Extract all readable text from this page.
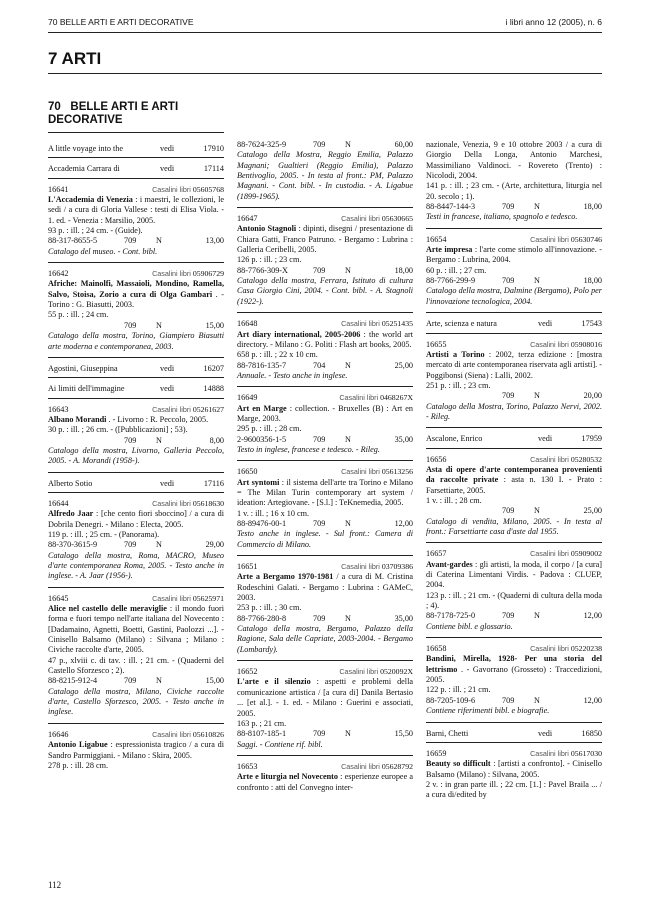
70 BELLE ARTI E ARTI DECORATIVE	i libri anno 12 (2005), n. 6
7 ARTI
70 BELLE ARTI E ARTI DECORATIVE
A little voyage into the	vedi	17910
Accademia Carrara di	vedi	17114
16641	Casalini libri 05605768

L'Accademia di Venezia : i maestri, le collezioni, le sedi / a cura di Gloria Vallese : testi di Elisa Viola. - 1. ed. - Venezia : Marsilio, 2005.

93 p. : ill. ; 24 cm. - (Guide).

88-317-8655-5	709	N	13,00

Catalogo del museo. - Cont. bibl.

16642	Casalini libri 05906729

Afriche: Mainolfi, Massaioli, Mondino, Ramella, Salvo, Stoisa, Zorio a cura di Olga Gambari . - Torino : G. Biasutti, 2003.

55 p. : ill. ; 24 cm.

709	N	15,00

Catalogo della mostra, Torino, Giampiero Biasutti arte moderna e contemporanea, 2003.

Agostini, Giuseppina	vedi	16207
Ai limiti dell'immagine	vedi	14888
16643	Casalini libri 05261627

Albano Morandi . - Livorno : R. Peccolo, 2005.

30 p. : ill. ; 26 cm. - ([Pubblicazioni] ; 53).

709	N	8,00

Catalogo della mostra, Livorno, Galleria Peccolo, 2005. - A. Morandi (1958-).

Alberto Sotio	vedi	17116
16644	Casalini libri 05618630

Alfredo Jaar : [che cento fiori sboccino] / a cura di Dobrila Denegri. - Milano : Electa, 2005.

119 p. : ill. ; 25 cm. - (Panorama).

88-370-3615-9	709	N	29,00

Catalogo della mostra, Roma, MACRO, Museo d'arte contemporanea Roma, 2005. - Testo anche in inglese. - A. Jaar (1956-).

16645	Casalini libri 05625971

Alice nel castello delle meraviglie : il mondo fuori forma e fuori tempo nell'arte italiana del Novecento : [Dadamaino, Agnetti, Boetti, Gastini, Paolozzi ...]. - Cinisello Balsamo (Milano) : Silvana ; Milano : Civiche raccolte d'arte, 2005.

47 p., xlviii c. di tav. : ill. ; 21 cm. - (Quaderni del Castello Sforzesco ; 2).

88-8215-912-4	709	N	15,00

Catalogo della mostra, Milano, Civiche raccolte d'arte, Castello Sforzesco, 2005. - Testo anche in inglese.

16646	Casalini libri 05610826

Antonio Ligabue : espressionista tragico / a cura di Sandro Parmiggiani. - Milano : Skira, 2005.

278 p. : ill. 28 cm.

88-7624-325-9	709	N	60,00

Catalogo della Mostra, Reggio Emilia, Palazzo Magnani; Gualtieri (Reggio Emilia), Palazzo Bentivoglio, 2005. - In testa al front.: PM, Palazzo Magnani. - Cont. bibl. - In custodia. - A. Ligabue (1899-1965).

16647	Casalini libri 05630665

Antonio Stagnoli : dipinti, disegni / presentazione di Chiara Gatti, Franco Patruno. - Bergamo : Lubrina : Galleria Ceribelli, 2005.

126 p. : ill. ; 23 cm.

88-7766-309-X	709	N	18,00

Catalogo della mostra, Ferrara, Istituto di cultura Casa Giorgio Cini, 2004. - Cont. bibl. - A. Stagnoli (1922-).

16648	Casalini libri 05251435

Art diary international, 2005-2006 : the world art directory. - Milano : G. Politi : Flash art books, 2005.

658 p. : ill. ; 22 x 10 cm.

88-7816-135-7	704	N	25,00

Annuale. - Testo anche in inglese.

16649	Casalini libri 0468267X

Art en Marge : collection. - Bruxelles (B) : Art en Marge, 2003.

295 p. : ill. ; 28 cm.

2-9600356-1-5	709	N	35,00

Testo in inglese, francese e tedesco. - Rileg.

16650	Casalini libri 05613256

Art syntomi : il sistema dell'arte tra Torino e Milano = The Milan Turin contemporary art system / ideation: Artegiovane. - [S.l.] : TeKnemedia, 2005.

1 v. : ill. ; 16 x 10 cm.

88-89476-00-1	709	N	12,00

Testo anche in inglese. - Sul front.: Camera di Commercio di Milano.

16651	Casalini libri 03709386

Arte a Bergamo 1970-1981 / a cura di M. Cristina Rodeschini Galati. - Bergamo : Lubrina : GAMeC, 2003.

253 p. : ill. ; 30 cm.

88-7766-280-8	709	N	35,00

Catalogo della mostra, Bergamo, Palazzo della Ragione, Sala delle Capriate, 2003-2004. - Bergamo (Lombardy).

16652	Casalini libri 0520092X

L'arte e il silenzio : aspetti e problemi della comunicazione artistica / [a cura di] Danila Bertasio ... [et al.]. - 1. ed. - Milano : Guerini e associati, 2005.

163 p. ; 21 cm.

88-8107-185-1	709	N	15,50

Saggi. - Contiene rif. bibl.

16653	Casalini libri 05628792

Arte e liturgia nel Novecento : esperienze europee a confronto : atti del Convegno inter-

nazionale, Venezia, 9 e 10 ottobre 2003 / a cura di Giorgio Della Longa, Antonio Marchesi, Massimiliano Valdinoci. - Rovereto (Trento) : Nicolodi, 2004.

141 p. : ill. ; 23 cm. - (Arte, architettura, liturgia nel 20. secolo ; 1).

88-8447-144-3	709	N	18,00

Testi in francese, italiano, spagnolo e tedesco.

16654	Casalini libri 05630746

Arte impresa : l'arte come stimolo all'innovazione. - Bergamo : Lubrina, 2004.

60 p. : ill. ; 27 cm.

88-7766-299-9	709	N	18,00

Catalogo della mostra, Dalmine (Bergamo), Polo per l'innovazione tecnologica, 2004.

Arte, scienza e natura	vedi	17543
16655	Casalini libri 05908016

Artisti a Torino : 2002, terza edizione : [mostra mercato di arte contemporanea riservata agli artisti]. - Poggibonsi (Siena) : Lalli, 2002.

251 p. : ill. ; 23 cm.

709	N	20,00

Catalogo della Mostra, Torino, Palazzo Nervi, 2002. - Rileg.

Ascalone, Enrico	vedi	17959
16656	Casalini libri 05280532

Asta di opere d'arte contemporanea provenienti da raccolte private : asta n. 130 I. - Prato : Farsettiarte, 2005.

1 v. : ill. ; 28 cm.

709	N	25,00

Catalogo di vendita, Milano, 2005. - In testa al front.: Farsettiarte casa d'aste dal 1955.

16657	Casalini libri 05909002

Avant-gardes : gli artisti, la moda, il corpo / [a cura] di Caterina Limentani Virdis. - Padova : CLUEP, 2004.

123 p. : ill. ; 21 cm. - (Quaderni di cultura della moda ; 4).

88-7178-725-0	709	N	12,00

Contiene bibl. e glossario.

16658	Casalini libri 05220238

Bandini, Mirella, 1928- Per una storia del lettrismo . - Gavorrano (Grosseto) : Traccedizioni, 2005.

122 p. : ill. ; 21 cm.

88-7205-109-6	709	N	12,00

Contiene riferimenti bibl. e biografie.

Barni, Chetti	vedi	16850
16659	Casalini libri 05617030

Beauty so difficult : [artisti a confronto]. - Cinisello Balsamo (Milano) : Silvana, 2005.

2 v. : in gran parte ill. ; 22 cm. [1.] : Pavel Braila ... / a cura di/edited by

112
